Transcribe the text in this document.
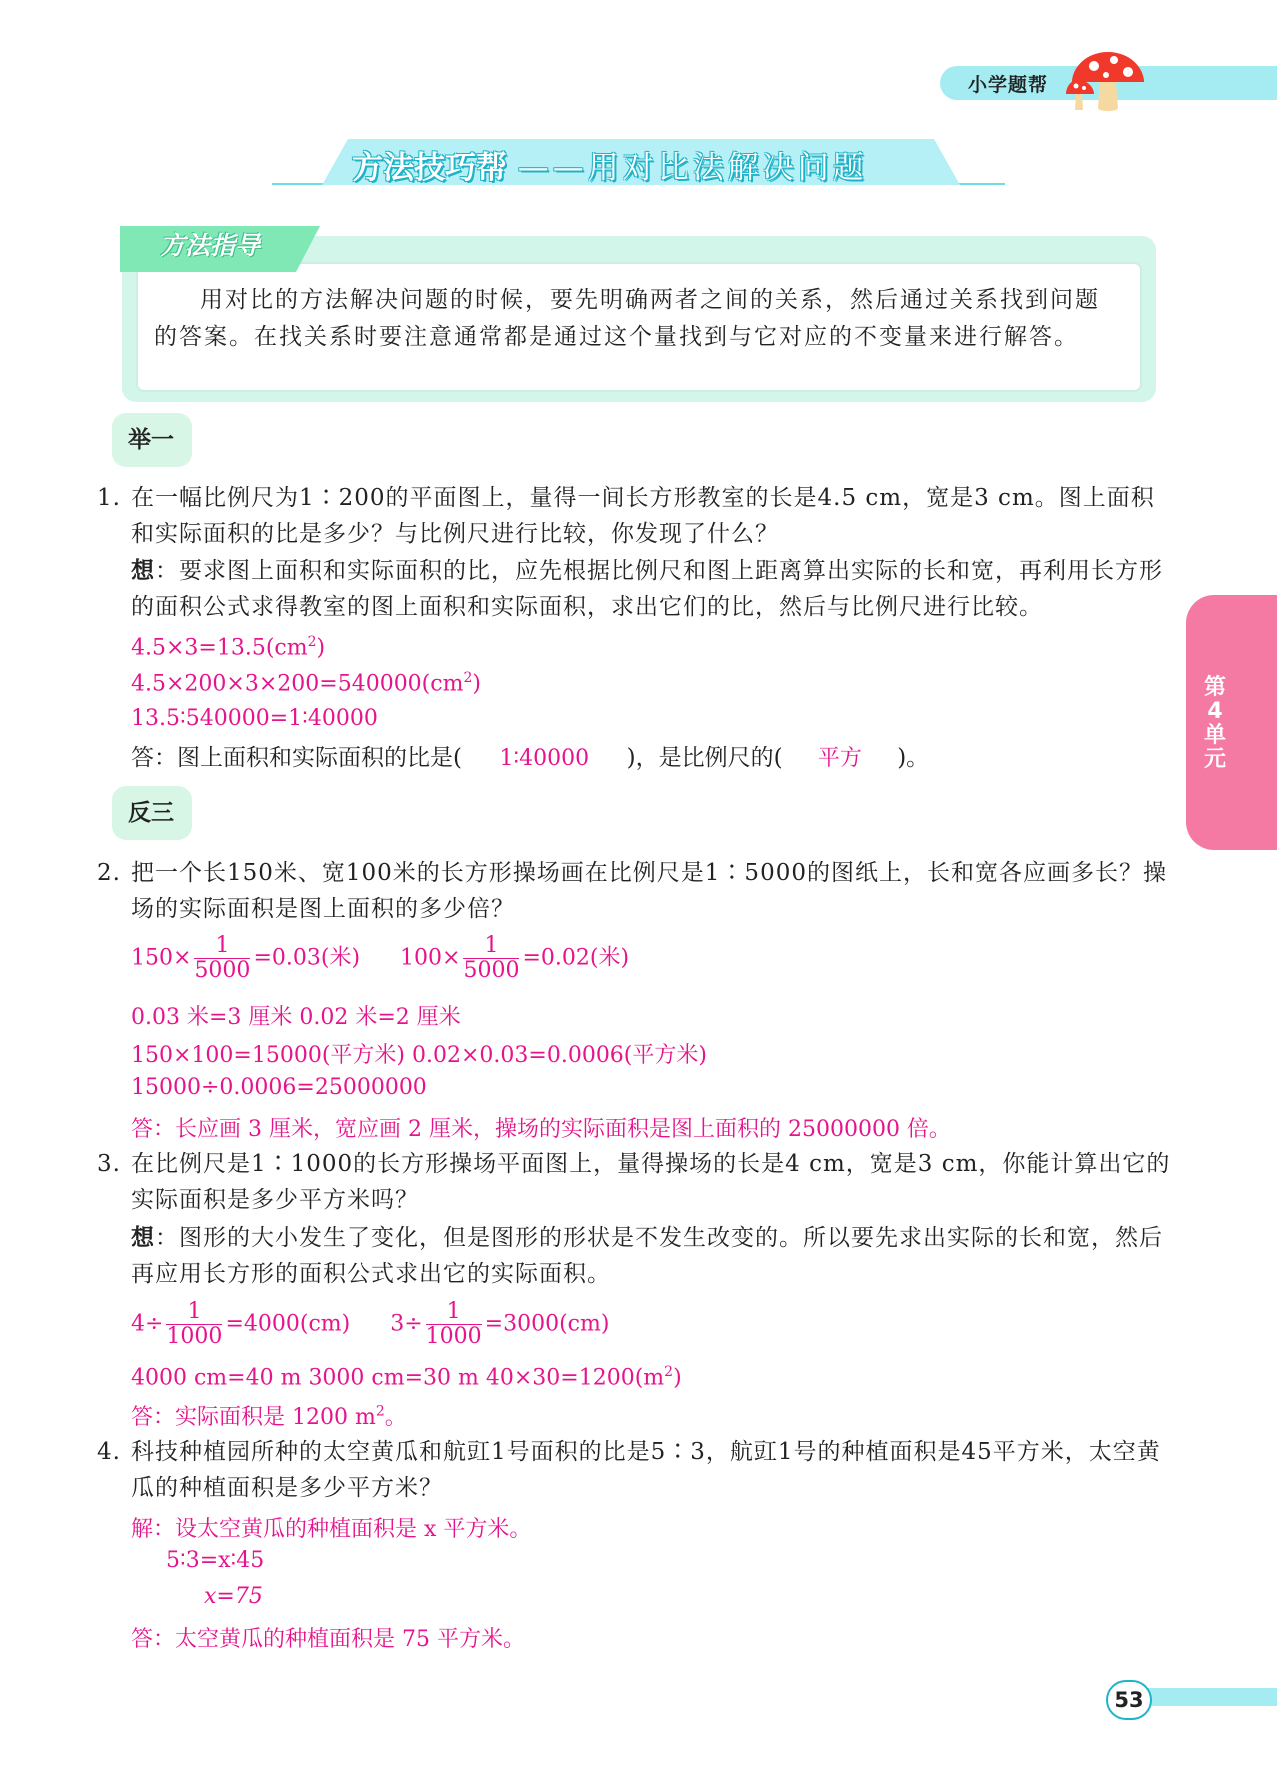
小学题帮
方法技巧帮 ——用对比法解决问题
方法指导
用对比的方法解决问题的时候，要先明确两者之间的关系，然后通过关系找到问题的答案。在找关系时要注意通常都是通过这个量找到与它对应的不变量来进行解答。
第4单元
举一
1. 在一幅比例尺为1∶200的平面图上，量得一间长方形教室的长是4.5 cm，宽是3 cm。图上面积和实际面积的比是多少？与比例尺进行比较，你发现了什么？
想：要求图上面积和实际面积的比，应先根据比例尺和图上距离算出实际的长和宽，再利用长方形的面积公式求得教室的图上面积和实际面积，求出它们的比，然后与比例尺进行比较。
$4.5\times 3=13.5(cm^2)$
$4.5\times 200\times 3\times 200=540000(cm^2)$
13.5∶540000=1∶40000
答：图上面积和实际面积的比是( 1∶40000 )，是比例尺的( 平方 )。
反三
2. 把一个长150米、宽100米的长方形操场画在比例尺是1∶5000的图纸上，长和宽各应画多长？操场的实际面积是图上面积的多少倍？
$150\times \frac{1}{5000} =0.03$(米) $100\times \frac{1}{5000} =0.02$(米)
0.03 米=3 厘米 0.02 米=2 厘米
150×100=15000(平方米) 0.02×0.03=0.0006(平方米)
15000÷0.0006=25000000
答：长应画 3 厘米，宽应画 2 厘米，操场的实际面积是图上面积的 25000000 倍。
3. 在比例尺是1∶1000的长方形操场平面图上，量得操场的长是4 cm，宽是3 cm，你能计算出它的实际面积是多少平方米吗？
想：图形的大小发生了变化，但是图形的形状是不发生改变的。所以要先求出实际的长和宽，然后再应用长方形的面积公式求出它的实际面积。
$4\div \frac{1}{1000} =4000(cm)$ $3\div \frac{1}{1000} =3000(cm)$
4000 cm=40 m 3000 cm=30 m $40\times 30=1200(m^2)$
答：实际面积是 1200 $m^2$。
4. 科技种植园所种的太空黄瓜和航豇1号面积的比是5∶3，航豇1号的种植面积是45平方米，太空黄瓜的种植面积是多少平方米？
解：设太空黄瓜的种植面积是 x 平方米。
5∶3=x∶45
x=75
答：太空黄瓜的种植面积是 75 平方米。
53
